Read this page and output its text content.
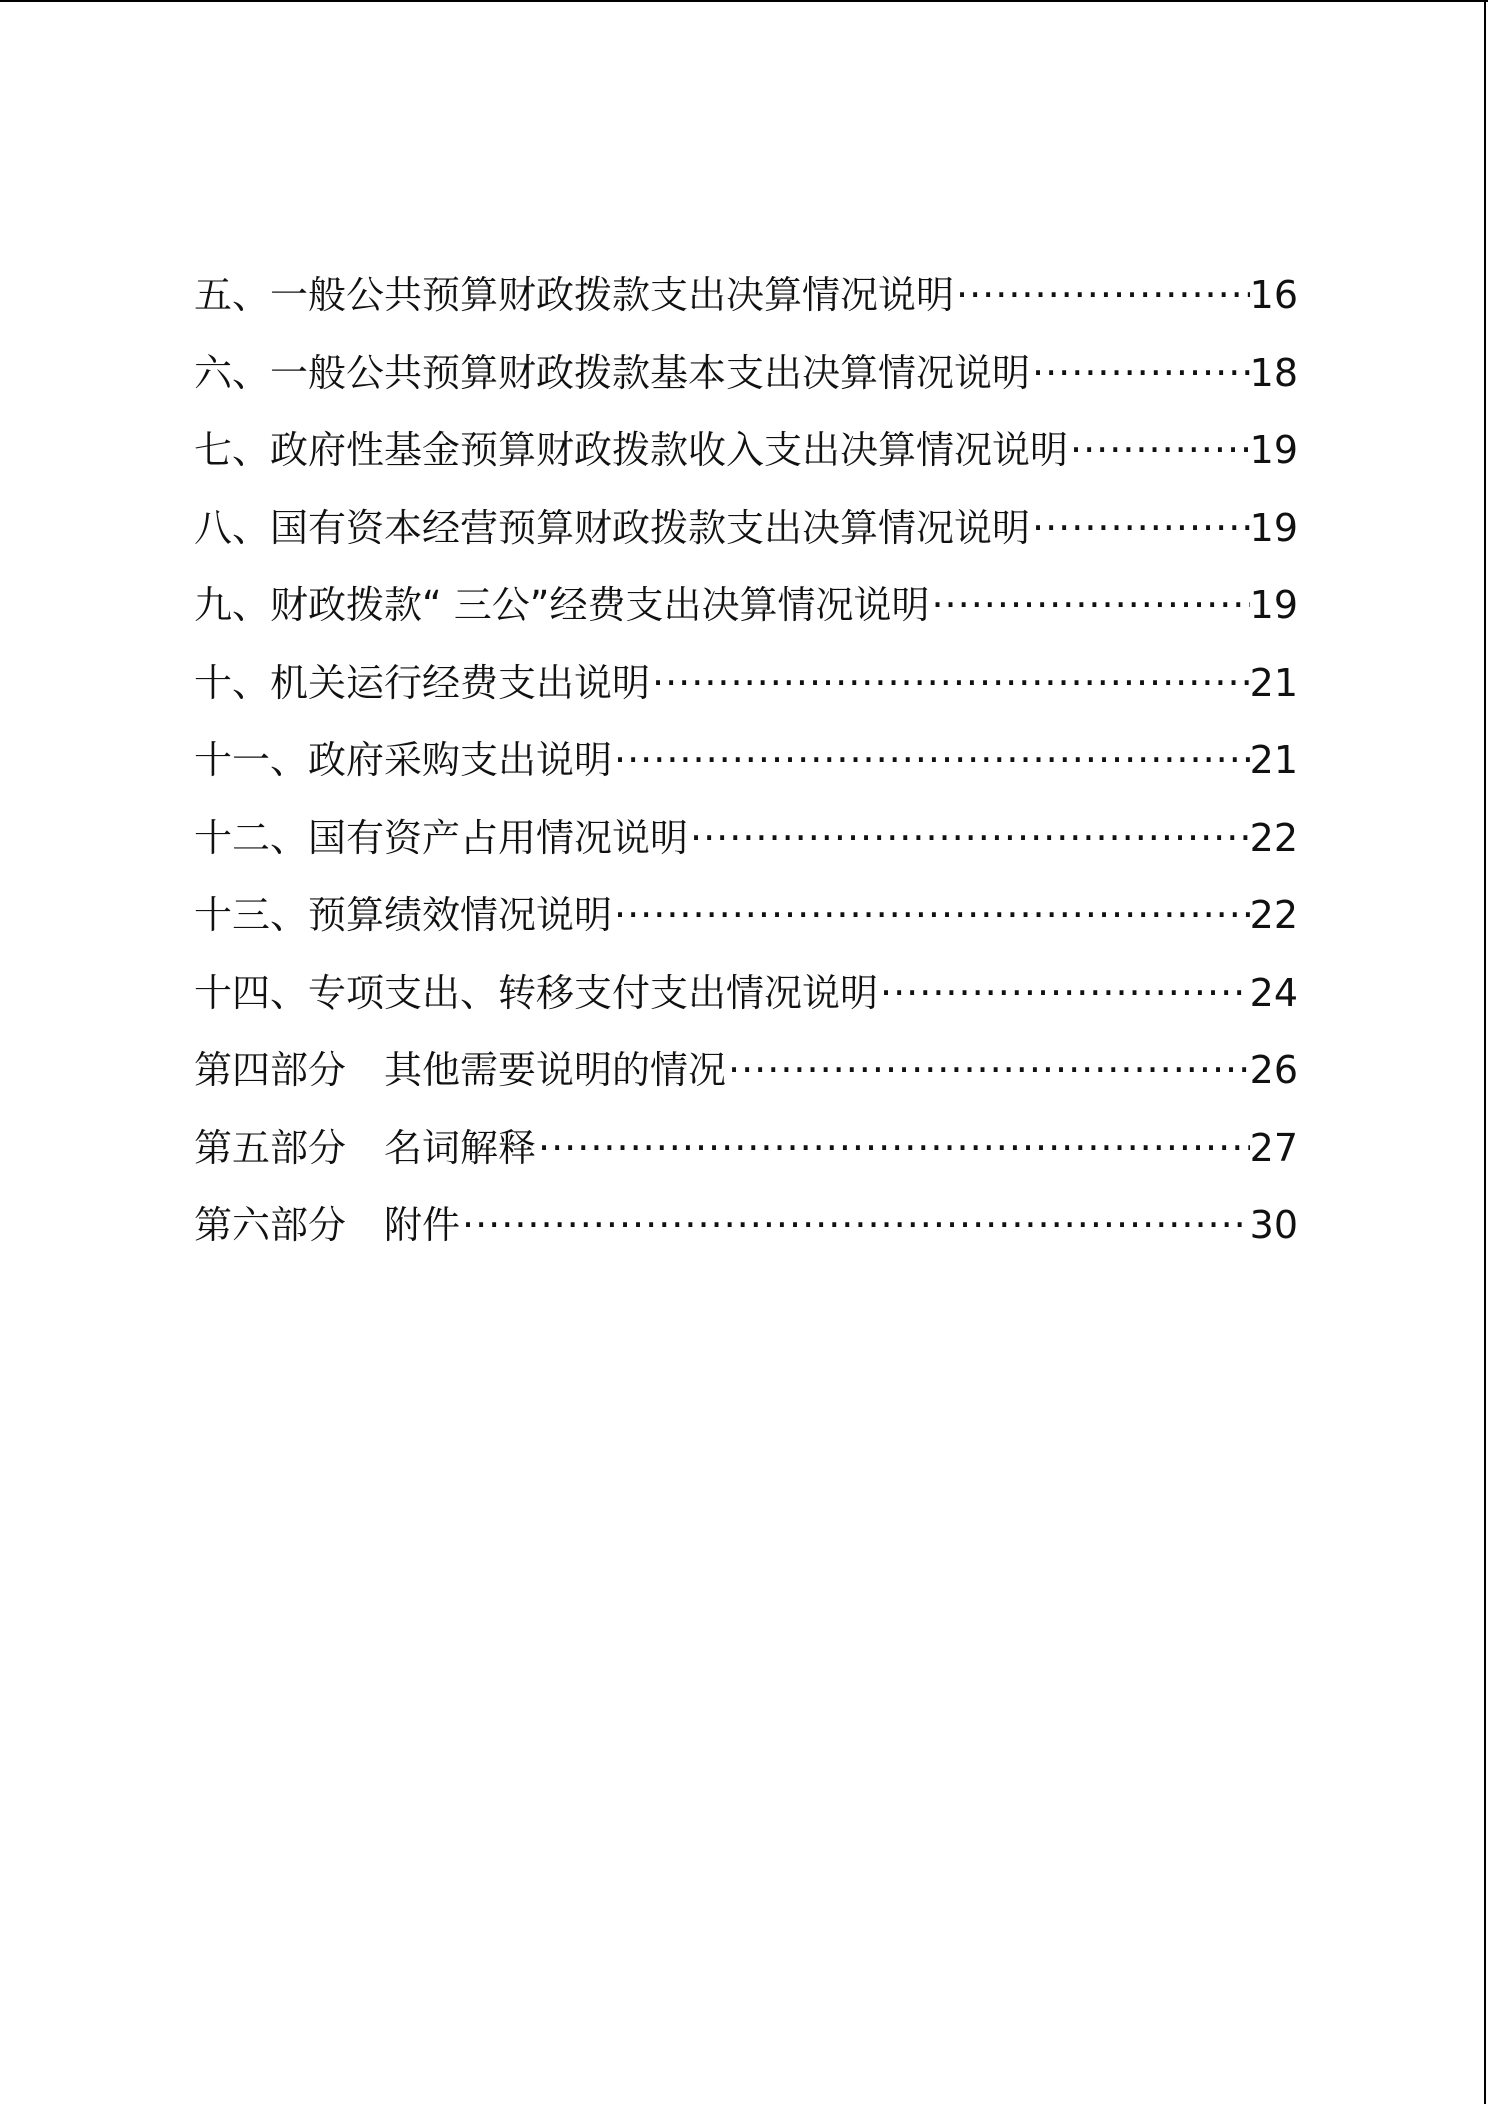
五、一般公共预算财政拨款支出决算情况说明 ·····	16
六、一般公共预算财政拨款基本支出决算情况说明 ·····	18
七、政府性基金预算财政拨款收入支出决算情况说明 ·····	19
八、国有资本经营预算财政拨款支出决算情况说明 ·····	19
九、财政拨款“ 三公”经费支出决算情况说明 ·····	19
十、机关运行经费支出说明 ·····	21
十一、政府采购支出说明 ·····	21
十二、国有资产占用情况说明 ·····	22
十三、预算绩效情况说明 ·····	22
十四、专项支出、转移支付支出情况说明 ·····	24
第四部分　其他需要说明的情况 ·····	26
第五部分　名词解释 ·····	27
第六部分　附件 ·····	30
